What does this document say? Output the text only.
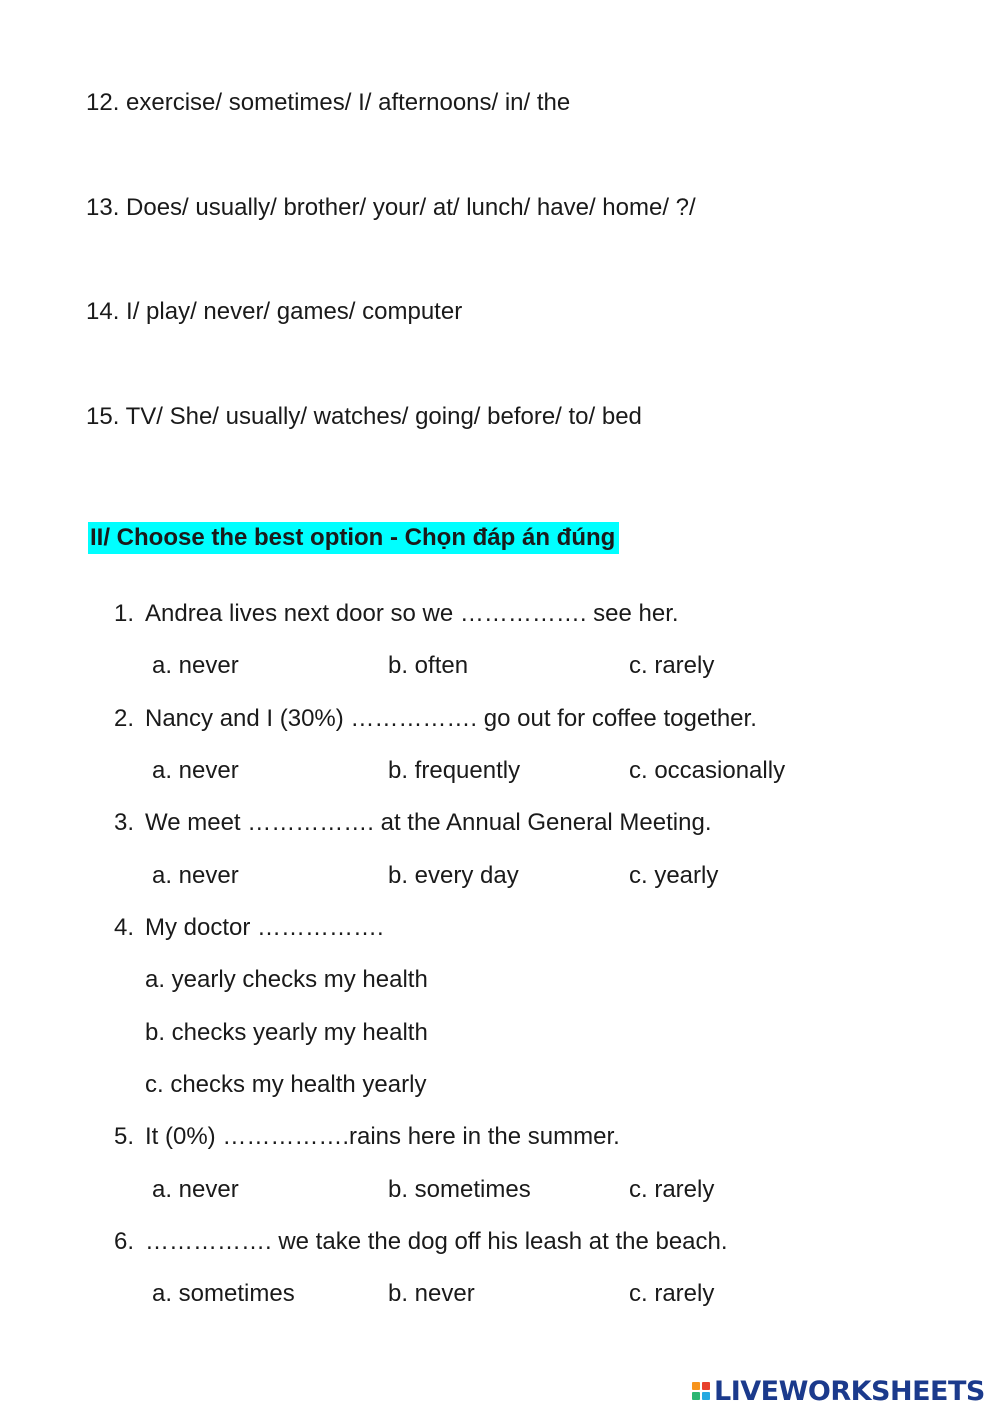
12. exercise/ sometimes/ I/ afternoons/ in/ the
13. Does/ usually/ brother/ your/ at/ lunch/ have/ home/ ?/
14. I/ play/ never/ games/ computer
15. TV/ She/ usually/ watches/ going/ before/ to/ bed
II/ Choose the best option - Chọn đáp án đúng
1. Andrea lives next door so we ……………. see her.
a. never	b. often	c. rarely
2. Nancy and I (30%) ……………. go out for coffee together.
a. never	b. frequently	c. occasionally
3. We meet ……………. at the Annual General Meeting.
a. never	b. every day	c. yearly
4. My doctor …………….
a. yearly checks my health
b. checks yearly my health
c. checks my health yearly
5. It (0%) …………….rains here in the summer.
a. never	b. sometimes	c. rarely
6. ……………. we take the dog off his leash at the beach.
a. sometimes	b. never	c. rarely
LIVEWORKSHEETS
